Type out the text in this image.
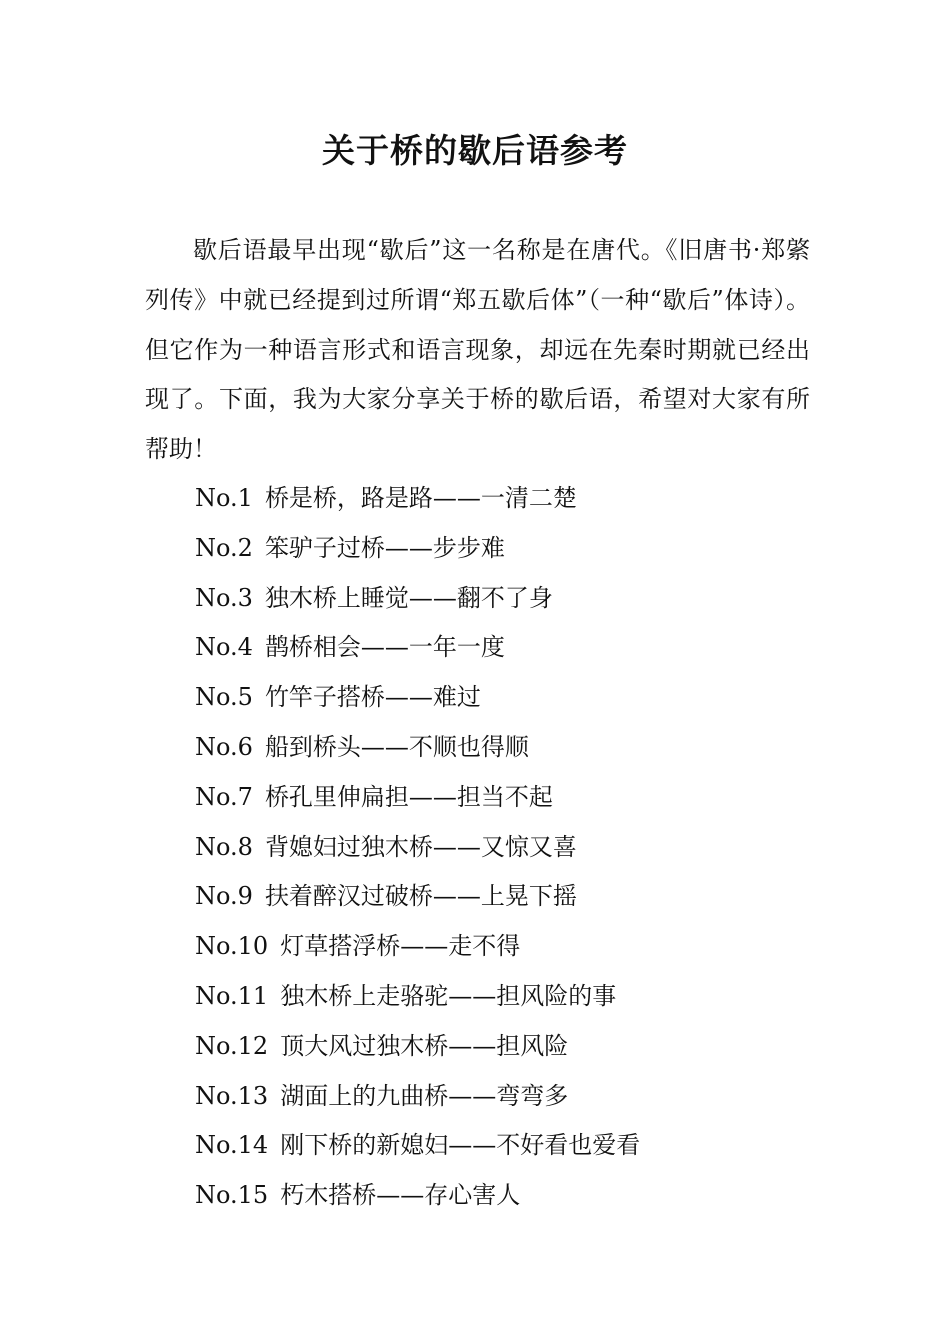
关于桥的歇后语参考

歇后语最早出现“歇后”这一名称是在唐代。《旧唐书·郑綮列传》中就已经提到过所谓“郑五歇后体”（一种“歇后”体诗）。但它作为一种语言形式和语言现象，却远在先秦时期就已经出现了。下面，我为大家分享关于桥的歇后语，希望对大家有所帮助！

No.1 桥是桥，路是路——一清二楚
No.2 笨驴子过桥——步步难
No.3 独木桥上睡觉——翻不了身
No.4 鹊桥相会——一年一度
No.5 竹竿子搭桥——难过
No.6 船到桥头——不顺也得顺
No.7 桥孔里伸扁担——担当不起
No.8 背媳妇过独木桥——又惊又喜
No.9 扶着醉汉过破桥——上晃下摇
No.10 灯草搭浮桥——走不得
No.11 独木桥上走骆驼——担风险的事
No.12 顶大风过独木桥——担风险
No.13 湖面上的九曲桥——弯弯多
No.14 刚下桥的新媳妇——不好看也爱看
No.15 朽木搭桥——存心害人
